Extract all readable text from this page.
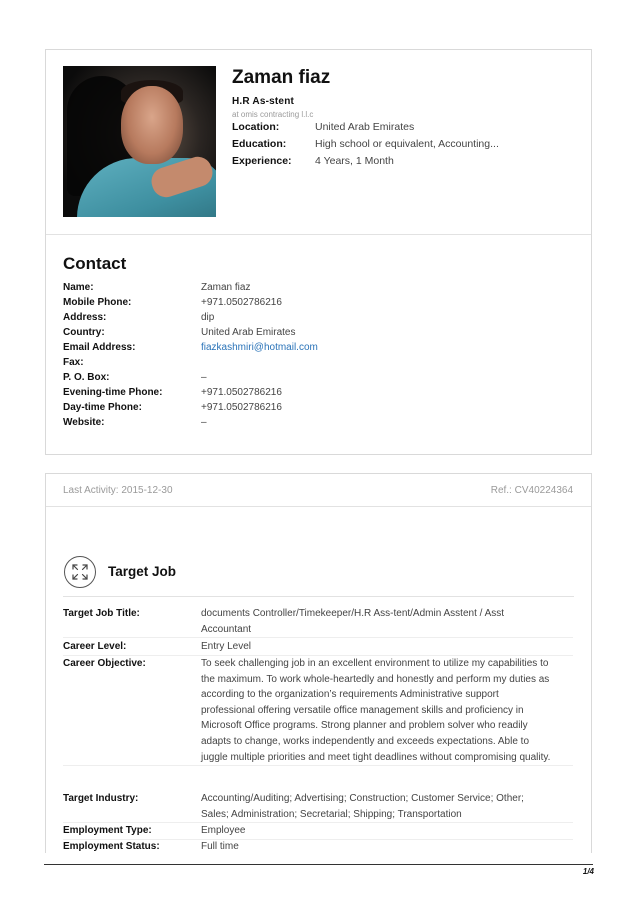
Zaman fiaz
H.R As-stent
at omis contracting l.l.c
Location:	United Arab Emirates
Education:	High school or equivalent, Accounting...
Experience: 4 Years, 1 Month
Contact
Name:	Zaman fiaz
Mobile Phone:	+971.0502786216
Address:	dip
Country:	United Arab Emirates
Email Address:	fiazkashmiri@hotmail.com
Fax:
P. O. Box:	–
Evening-time Phone:	+971.0502786216
Day-time Phone:	+971.0502786216
Website:	–
Last Activity: 2015-12-30	Ref.: CV40224364
Target Job
Target Job Title:	documents Controller/Timekeeper/H.R Ass-tent/Admin Asstent / Asst Accountant
Career Level:	Entry Level
Career Objective:	To seek challenging job in an excellent environment to utilize my capabilities to the maximum. To work whole-heartedly and honestly and perform my duties as according to the organization’s requirements Administrative support professional offering versatile office management skills and proficiency in Microsoft Office programs. Strong planner and problem solver who readily adapts to change, works independently and exceeds expectations. Able to juggle multiple priorities and meet tight deadlines without compromising quality.
Target Industry:	Accounting/Auditing; Advertising; Construction; Customer Service; Other; Sales; Administration; Secretarial; Shipping; Transportation
Employment Type:	Employee
Employment Status:	Full time
1/4
